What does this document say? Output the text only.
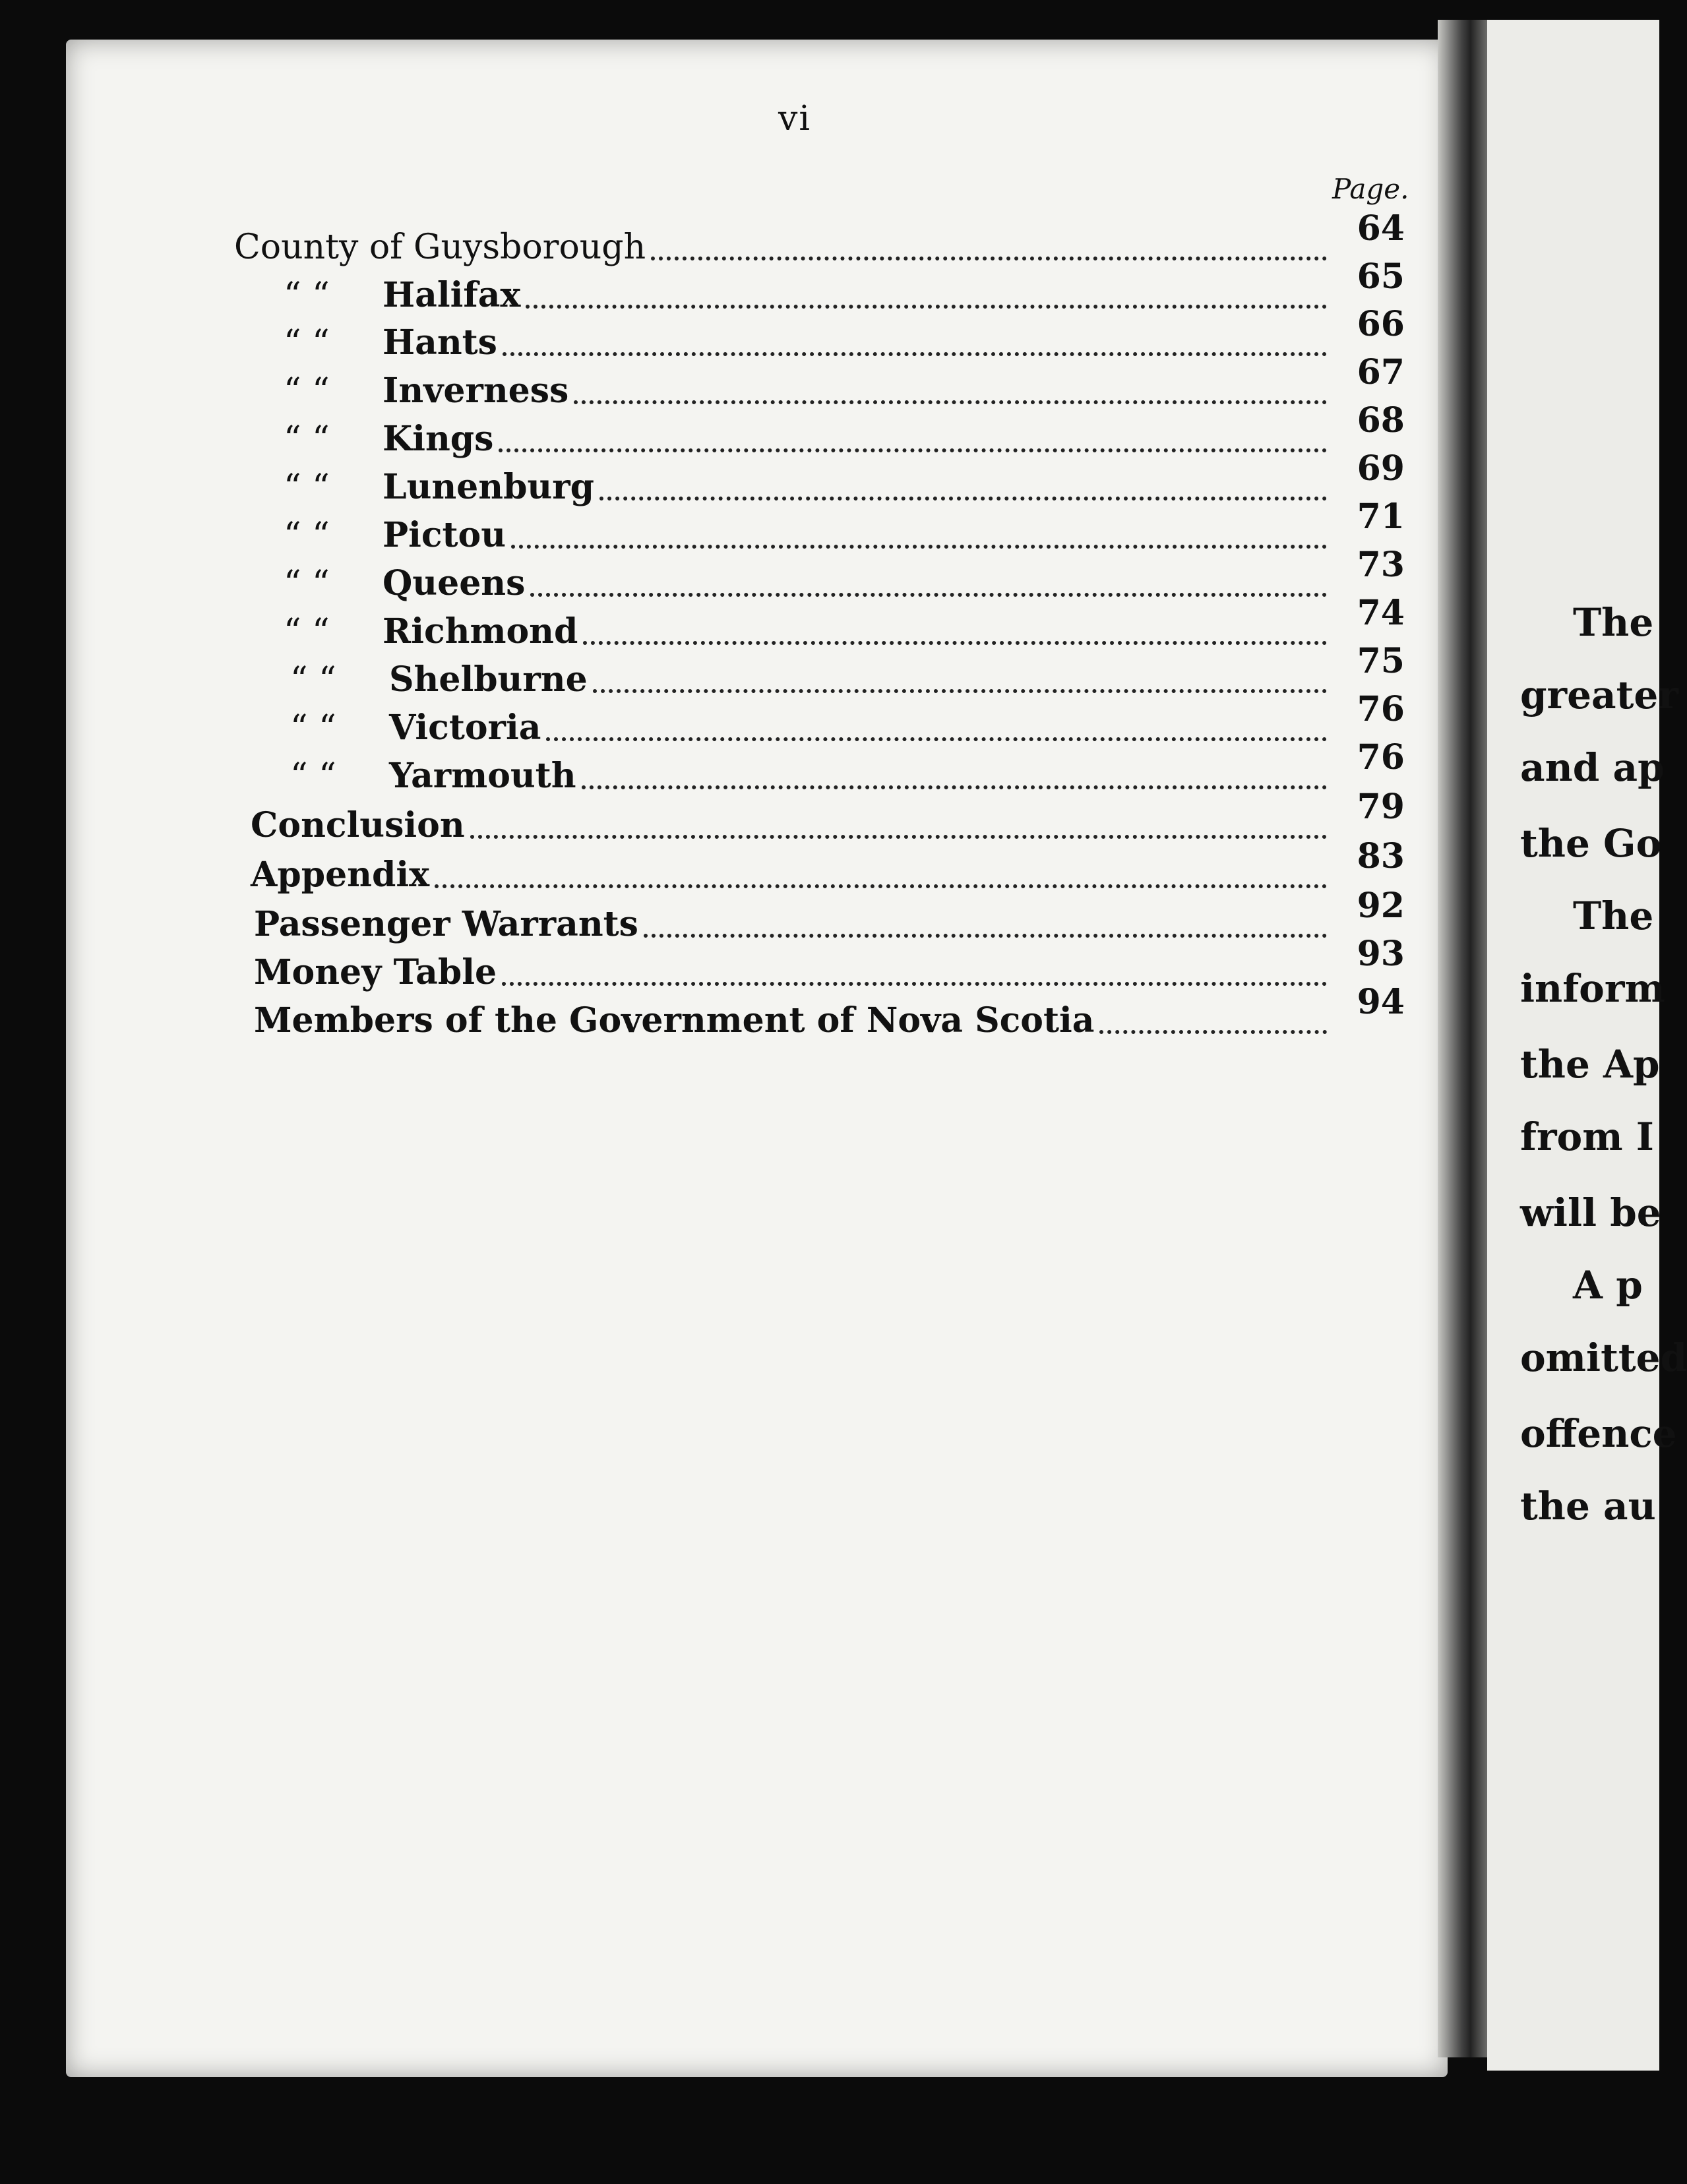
vi
Page.
County of Guysborough	64
“ “ Halifax	65
“ “ Hants	66
“ “ Inverness	67
“ “ Kings	68
“ “ Lunenburg	69
“ “ Pictou	71
“ “ Queens	73
“ “ Richmond	74
“ “ Shelburne	75
“ “ Victoria	76
“ “ Yarmouth	76
Conclusion	79
Appendix	83
Passenger Warrants	92
Money Table	93
Members of the Government of Nova Scotia	94
The
greater
and ap
the Go
The
inform
the Ap
from I
will be
A p
omitted
offence
the au
